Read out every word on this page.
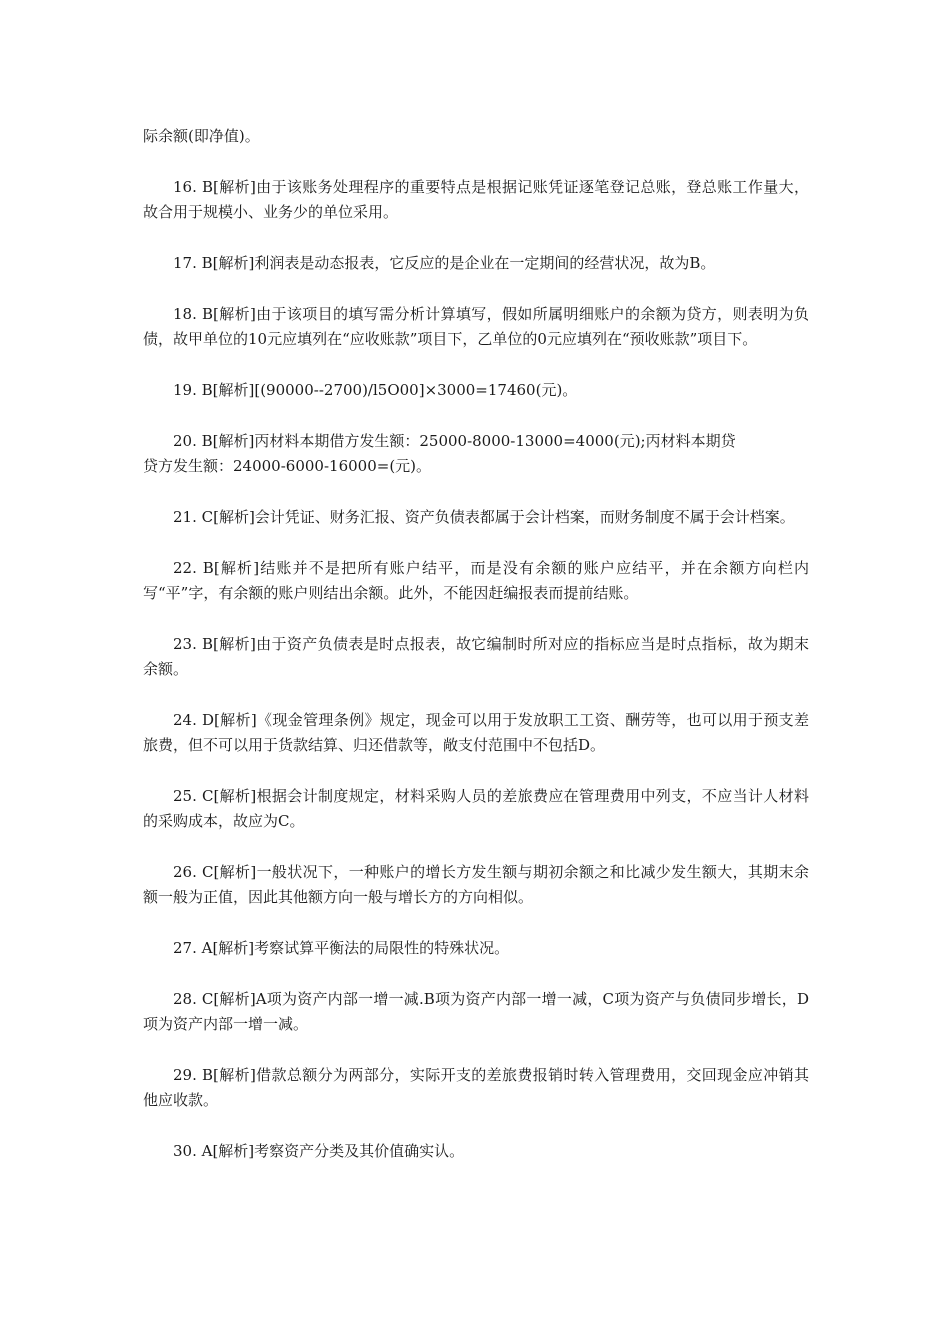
际余额(即净值)。

16. B[解析]由于该账务处理程序的重要特点是根据记账凭证逐笔登记总账，登总账工作量大，故合用于规模小、业务少的单位采用。

17. B[解析]利润表是动态报表，它反应的是企业在一定期间的经营状况，故为B。

18. B[解析]由于该项目的填写需分析计算填写，假如所属明细账户的余额为贷方，则表明为负债，故甲单位的10元应填列在“应收账款”项目下，乙单位的0元应填列在“预收账款”项目下。

19. B[解析][(90000--2700)/l5O00]×3000=17460(元)。

20. B[解析]丙材料本期借方发生额：25000-8000-13000=4000(元);丙材料本期贷
贷方发生额：24000-6000-16000=(元)。

21. C[解析]会计凭证、财务汇报、资产负债表都属于会计档案，而财务制度不属于会计档案。

22. B[解析]结账并不是把所有账户结平，而是没有余额的账户应结平，并在余额方向栏内写“平”字，有余额的账户则结出余额。此外，不能因赶编报表而提前结账。

23. B[解析]由于资产负债表是时点报表，故它编制时所对应的指标应当是时点指标，故为期末余额。

24. D[解析]《现金管理条例》规定，现金可以用于发放职工工资、酬劳等，也可以用于预支差旅费，但不可以用于货款结算、归还借款等，敞支付范围中不包括D。

25. C[解析]根据会计制度规定，材料采购人员的差旅费应在管理费用中列支，不应当计人材料的采购成本，故应为C。

26. C[解析]一般状况下，一种账户的增长方发生额与期初余额之和比减少发生额大，其期末余额一般为正值，因此其他额方向一般与增长方的方向相似。

27. A[解析]考察试算平衡法的局限性的特殊状况。

28. C[解析]A项为资产内部一增一减.B项为资产内部一增一减，C项为资产与负债同步增长，D项为资产内部一增一减。

29. B[解析]借款总额分为两部分，实际开支的差旅费报销时转入管理费用，交回现金应冲销其他应收款。

30. A[解析]考察资产分类及其价值确实认。
